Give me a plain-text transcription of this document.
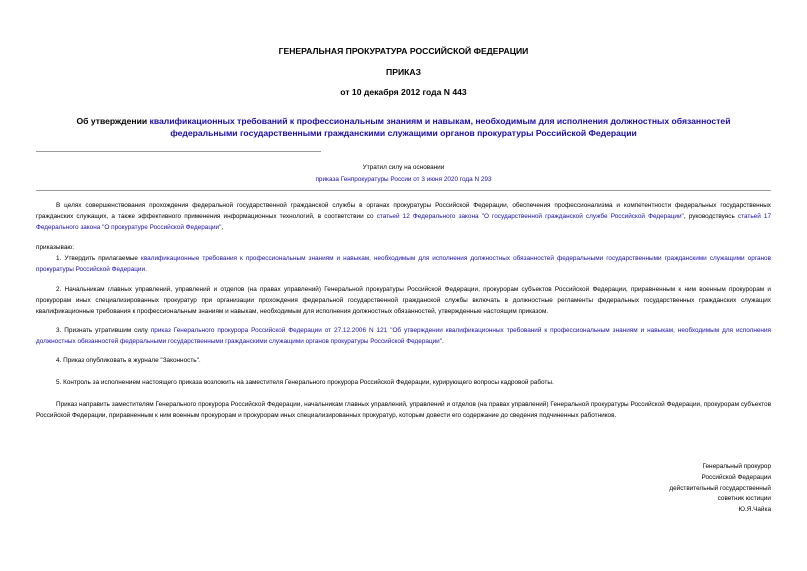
ГЕНЕРАЛЬНАЯ ПРОКУРАТУРА РОССИЙСКОЙ ФЕДЕРАЦИИ
ПРИКАЗ
от 10 декабря 2012 года N 443
Об утверждении квалификационных требований к профессиональным знаниям и навыкам, необходимым для исполнения должностных обязанностей федеральными государственными гражданскими служащими органов прокуратуры Российской Федерации
Утратил силу на основании
приказа Генпрокуратуры России от 3 июня 2020 года N 293
В целях совершенствования прохождения федеральной государственной гражданской службы в органах прокуратуры Российской Федерации, обеспечения профессионализма и компетентности федеральных государственных гражданских служащих, а также эффективного применения информационных технологий, в соответствии со статьей 12 Федерального закона "О государственной гражданской службе Российской Федерации", руководствуясь статьей 17 Федерального закона "О прокуратуре Российской Федерации",
приказываю:
1. Утвердить прилагаемые квалификационные требования к профессиональным знаниям и навыкам, необходимым для исполнения должностных обязанностей федеральными государственными гражданскими служащими органов прокуратуры Российской Федерации.
2. Начальникам главных управлений, управлений и отделов (на правах управлений) Генеральной прокуратуры Российской Федерации, прокурорам субъектов Российской Федерации, приравненным к ним военным прокурорам и прокурорам иных специализированных прокуратур при организации прохождения федеральной государственной гражданской службы включать в должностные регламенты федеральных государственных гражданских служащих квалификационные требования к профессиональным знаниям и навыкам, необходимым для исполнения должностных обязанностей, утвержденные настоящим приказом.
3. Признать утратившим силу приказ Генерального прокурора Российской Федерации от 27.12.2006 N 121 "Об утверждении квалификационных требований к профессиональным знаниям и навыкам, необходимым для исполнения должностных обязанностей федеральными государственными гражданскими служащими органов прокуратуры Российской Федерации".
4. Приказ опубликовать в журнале "Законность".
5. Контроль за исполнением настоящего приказа возложить на заместителя Генерального прокурора Российской Федерации, курирующего вопросы кадровой работы.
Приказ направить заместителям Генерального прокурора Российской Федерации, начальникам главных управлений, управлений и отделов (на правах управлений) Генеральной прокуратуры Российской Федерации, прокурорам субъектов Российской Федерации, приравненным к ним военным прокурорам и прокурорам иных специализированных прокуратур, которым довести его содержание до сведения подчиненных работников.
Генеральный прокурор
Российской Федерации
действительный государственный
советник юстиции
Ю.Я.Чайка
